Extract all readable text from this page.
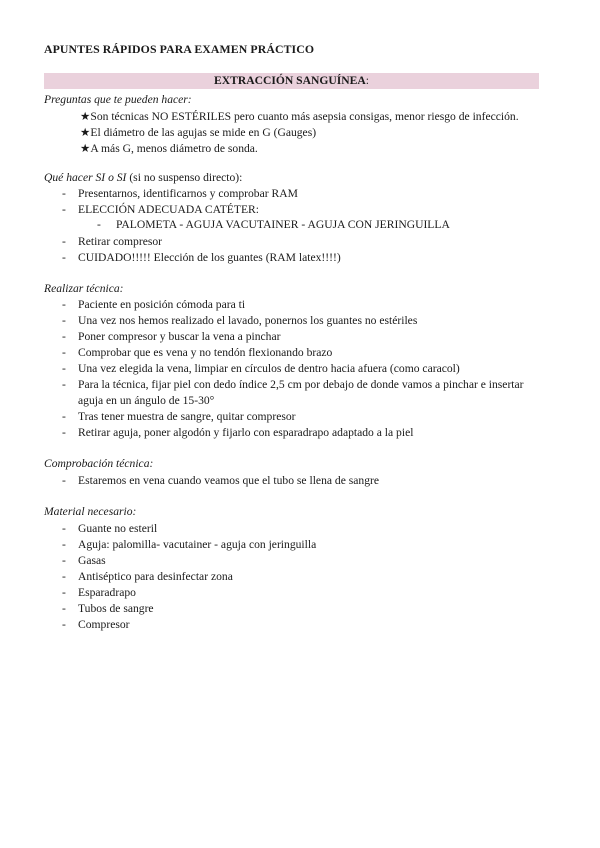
APUNTES RÁPIDOS PARA EXAMEN PRÁCTICO
EXTRACCIÓN SANGUÍNEA:
Preguntas que te pueden hacer:
★Son técnicas NO ESTÉRILES pero cuanto más asepsia consigas, menor riesgo de infección.
★El diámetro de las agujas se mide en G (Gauges)
★A más G, menos diámetro de sonda.
Qué hacer SI o SI (si no suspenso directo):
- Presentarnos, identificarnos y comprobar RAM
- ELECCIÓN ADECUADA CATÉTER:
- PALOMETA - AGUJA VACUTAINER - AGUJA CON JERINGUILLA
- Retirar compresor
- CUIDADO!!!!! Elección de los guantes (RAM latex!!!!)
Realizar técnica:
- Paciente en posición cómoda para ti
- Una vez nos hemos realizado el lavado, ponernos los guantes no estériles
- Poner compresor y buscar la vena a pinchar
- Comprobar que es vena y no tendón flexionando brazo
- Una vez elegida la vena, limpiar en círculos de dentro hacia afuera (como caracol)
- Para la técnica, fijar piel con dedo índice 2,5 cm por debajo de donde vamos a pinchar e insertar aguja en un ángulo de 15-30°
- Tras tener muestra de sangre, quitar compresor
- Retirar aguja, poner algodón y fijarlo con esparadrapo adaptado a la piel
Comprobación técnica:
- Estaremos en vena cuando veamos que el tubo se llena de sangre
Material necesario:
- Guante no esteril
- Aguja: palomilla- vacutainer - aguja con jeringuilla
- Gasas
- Antiséptico para desinfectar zona
- Esparadrapo
- Tubos de sangre
- Compresor
